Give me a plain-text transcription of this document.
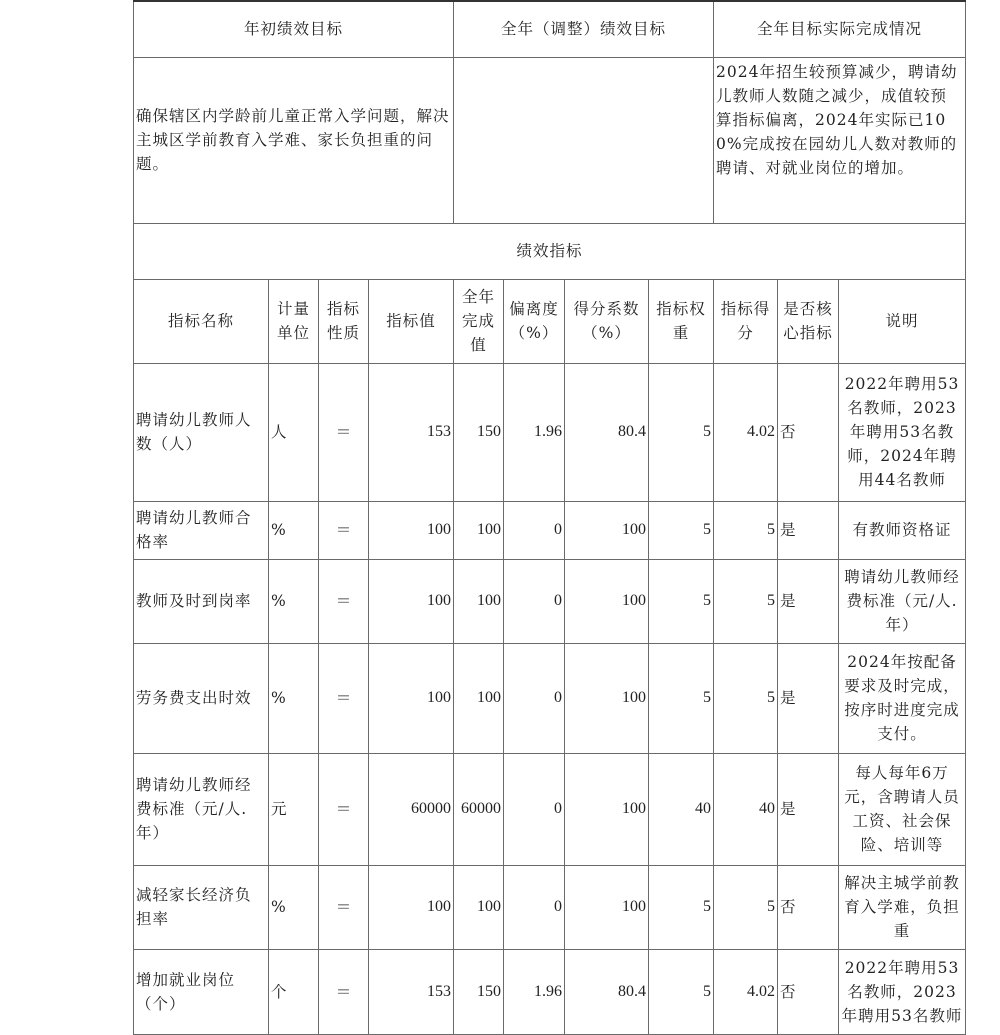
年初绩效目标				全年（调整）绩效目标				全年目标实际完成情况		
确保辖区内学龄前儿童正常入学问题，解决主城区学前教育入学难、家长负担重的问题。								2024年招生较预算减少，聘请幼儿教师人数随之减少，成值较预算指标偏离，2024年实际已100%完成按在园幼儿人数对教师的聘请、对就业岗位的增加。		
绩效指标										
指标名称	计量单位	指标性质	指标值	全年完成值	偏离度（%）	得分系数（%）	指标权重	指标得分	是否核心指标	说明
聘请幼儿教师人数（人）	人	＝	153	150	1.96	80.4	5	4.02	否	2022年聘用53名教师，2023年聘用53名教师，2024年聘用44名教师
聘请幼儿教师合格率	%	＝	100	100	0	100	5	5	是	有教师资格证
教师及时到岗率	%	＝	100	100	0	100	5	5	是	聘请幼儿教师经费标准（元/人.年）
劳务费支出时效	%	＝	100	100	0	100	5	5	是	2024年按配备要求及时完成，按序时进度完成支付。
聘请幼儿教师经费标准（元/人.年）	元	＝	60000	60000	0	100	40	40	是	每人每年6万元，含聘请人员工资、社会保险、培训等
减轻家长经济负担率	%	＝	100	100	0	100	5	5	否	解决主城学前教育入学难，负担重
增加就业岗位（个）	个	＝	153	150	1.96	80.4	5	4.02	否	2022年聘用53名教师，2023年聘用53名教师
